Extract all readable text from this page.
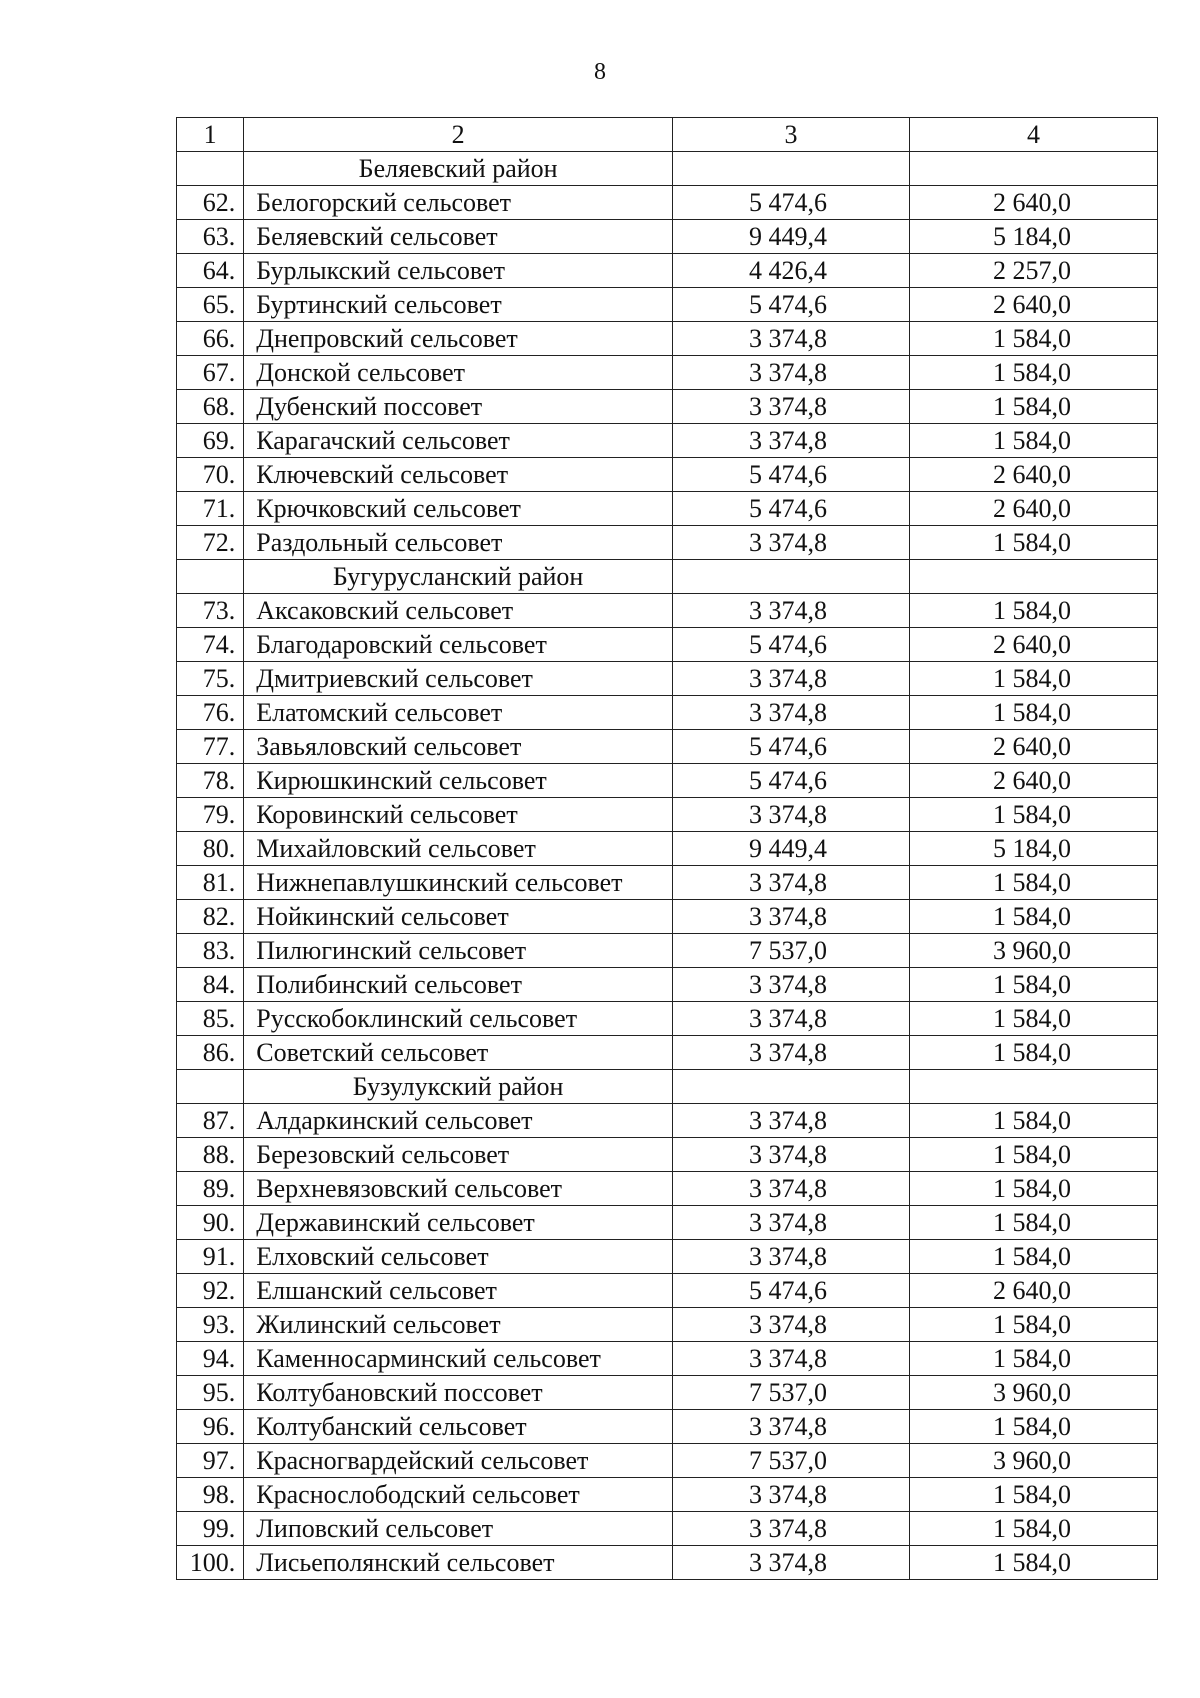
8
1	2	3	4
	Беляевский район		
62.	Белогорский сельсовет	5 474,6	2 640,0
63.	Беляевский сельсовет	9 449,4	5 184,0
64.	Бурлыкский сельсовет	4 426,4	2 257,0
65.	Буртинский сельсовет	5 474,6	2 640,0
66.	Днепровский сельсовет	3 374,8	1 584,0
67.	Донской сельсовет	3 374,8	1 584,0
68.	Дубенский поссовет	3 374,8	1 584,0
69.	Карагачский сельсовет	3 374,8	1 584,0
70.	Ключевский сельсовет	5 474,6	2 640,0
71.	Крючковский сельсовет	5 474,6	2 640,0
72.	Раздольный сельсовет	3 374,8	1 584,0
	Бугурусланский район		
73.	Аксаковский сельсовет	3 374,8	1 584,0
74.	Благодаровский сельсовет	5 474,6	2 640,0
75.	Дмитриевский сельсовет	3 374,8	1 584,0
76.	Елатомский сельсовет	3 374,8	1 584,0
77.	Завьяловский сельсовет	5 474,6	2 640,0
78.	Кирюшкинский сельсовет	5 474,6	2 640,0
79.	Коровинский сельсовет	3 374,8	1 584,0
80.	Михайловский сельсовет	9 449,4	5 184,0
81.	Нижнепавлушкинский сельсовет	3 374,8	1 584,0
82.	Нойкинский сельсовет	3 374,8	1 584,0
83.	Пилюгинский сельсовет	7 537,0	3 960,0
84.	Полибинский сельсовет	3 374,8	1 584,0
85.	Русскобоклинский сельсовет	3 374,8	1 584,0
86.	Советский сельсовет	3 374,8	1 584,0
	Бузулукский район		
87.	Алдаркинский сельсовет	3 374,8	1 584,0
88.	Березовский сельсовет	3 374,8	1 584,0
89.	Верхневязовский сельсовет	3 374,8	1 584,0
90.	Державинский сельсовет	3 374,8	1 584,0
91.	Елховский сельсовет	3 374,8	1 584,0
92.	Елшанский сельсовет	5 474,6	2 640,0
93.	Жилинский сельсовет	3 374,8	1 584,0
94.	Каменносарминский сельсовет	3 374,8	1 584,0
95.	Колтубановский поссовет	7 537,0	3 960,0
96.	Колтубанский сельсовет	3 374,8	1 584,0
97.	Красногвардейский сельсовет	7 537,0	3 960,0
98.	Краснослободский сельсовет	3 374,8	1 584,0
99.	Липовский сельсовет	3 374,8	1 584,0
100.	Лисьеполянский сельсовет	3 374,8	1 584,0
